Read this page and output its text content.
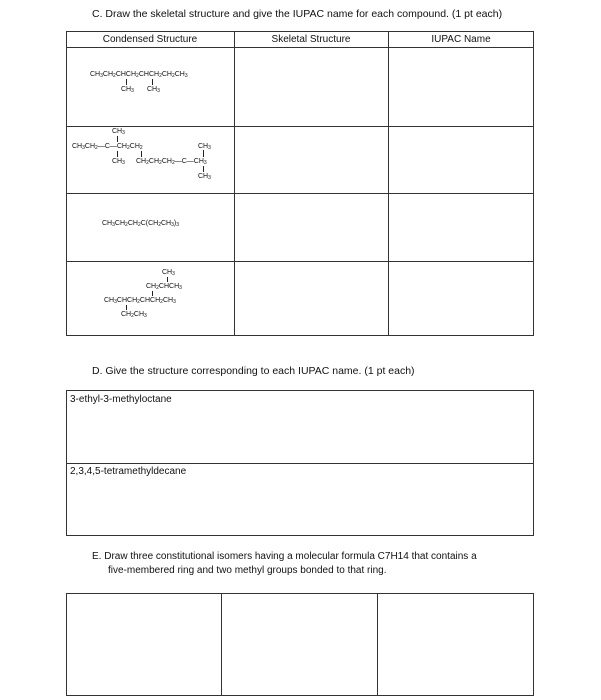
C. Draw the skeletal structure and give the IUPAC name for each compound. (1 pt each)
Condensed Structure	Skeletal Structure	IUPAC Name
$CH_3CH_2CHCH_2CHCH_2CH_2CH_3$
$CH_3$ $CH_3$
$CH_3$
$CH_3CH_2—C—CH_2CH_2$
$CH_3$ $CH_2CH_2CH_2—C—CH_3$
$CH_3$
$CH_3$
$CH_3CH_2CH_2C(CH_2CH_3)_3$
$CH_3$
$CH_2CHCH_3$
$CH_3CHCH_2CHCH_2CH_3$
$CH_2CH_3$
D. Give the structure corresponding to each IUPAC name. (1 pt each)
3-ethyl-3-methyloctane
2,3,4,5-tetramethyldecane
E. Draw three constitutional isomers having a molecular formula C7H14 that contains a
five-membered ring and two methyl groups bonded to that ring.
